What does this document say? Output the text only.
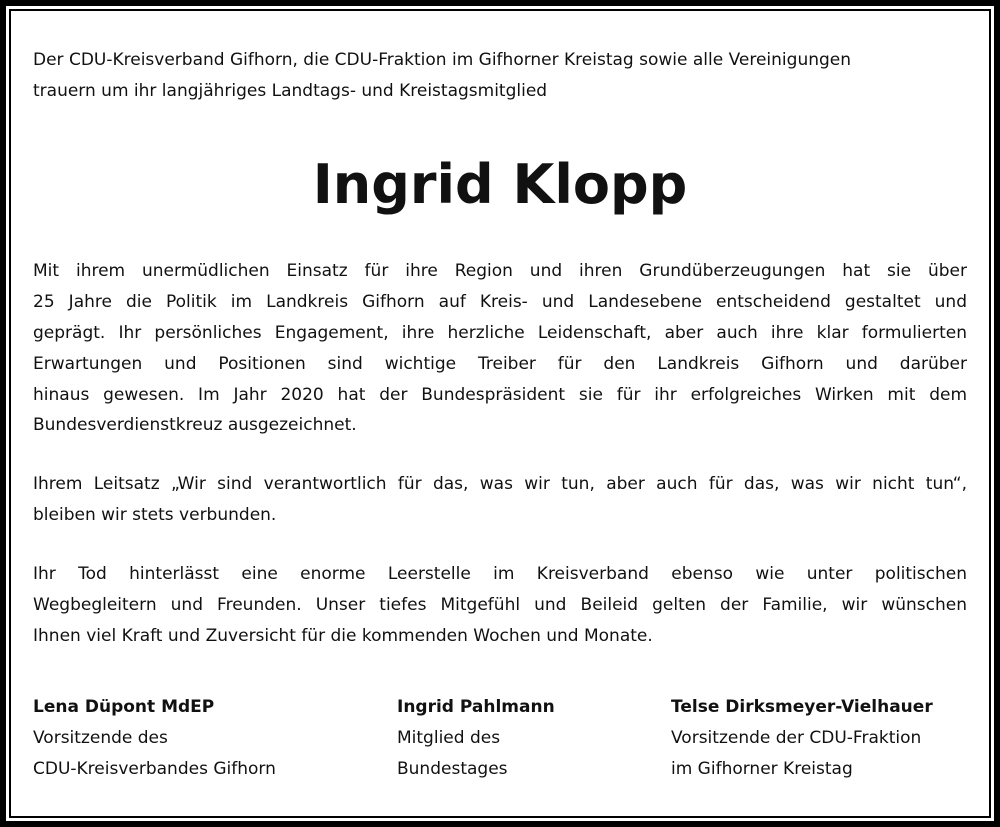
Der CDU-Kreisverband Gifhorn, die CDU-Fraktion im Gifhorner Kreistag sowie alle Vereinigungen
trauern um ihr langjähriges Landtags- und Kreistagsmitglied
Ingrid Klopp
Mit ihrem unermüdlichen Einsatz für ihre Region und ihren Grundüberzeugungen hat sie über
25 Jahre die Politik im Landkreis Gifhorn auf Kreis- und Landesebene entscheidend gestaltet und
geprägt. Ihr persönliches Engagement, ihre herzliche Leidenschaft, aber auch ihre klar formulierten
Erwartungen und Positionen sind wichtige Treiber für den Landkreis Gifhorn und darüber
hinaus gewesen. Im Jahr 2020 hat der Bundespräsident sie für ihr erfolgreiches Wirken mit dem
Bundesverdienstkreuz ausgezeichnet.
Ihrem Leitsatz „Wir sind verantwortlich für das, was wir tun, aber auch für das, was wir nicht tun“,
bleiben wir stets verbunden.
Ihr Tod hinterlässt eine enorme Leerstelle im Kreisverband ebenso wie unter politischen
Wegbegleitern und Freunden. Unser tiefes Mitgefühl und Beileid gelten der Familie, wir wünschen
Ihnen viel Kraft und Zuversicht für die kommenden Wochen und Monate.
Lena Düpont MdEP
Vorsitzende des
CDU-Kreisverbandes Gifhorn
Ingrid Pahlmann
Mitglied des
Bundestages
Telse Dirksmeyer-Vielhauer
Vorsitzende der CDU-Fraktion
im Gifhorner Kreistag
